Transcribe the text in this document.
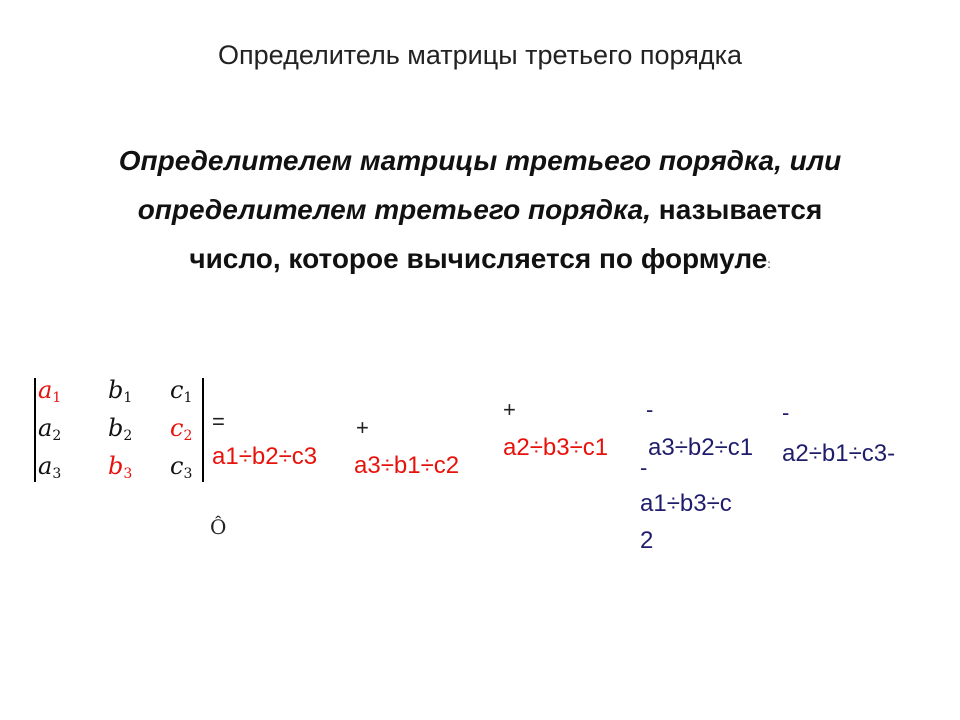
Определитель матрицы третьего порядка
Определителем матрицы третьего порядка, или определителем третьего порядка, называется число, которое вычисляется по формуле:
$a_1$ $b_1$ $c_1$
$a_2$ $b_2$ $c_2$
$a_3$ $b_3$ $c_3$
=
a1÷b2÷c3
+
a3÷b1÷c2
+
a2÷b3÷c1
-
a3÷b2÷c1
-
a2÷b1÷c3-
-
a1÷b3÷c
2
Ô
